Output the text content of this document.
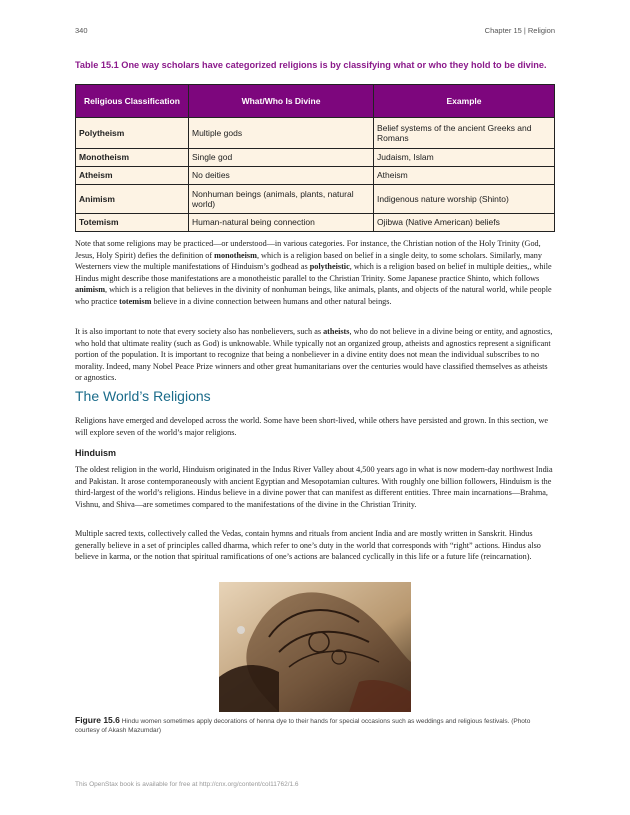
340	Chapter 15 | Religion
Table 15.1 One way scholars have categorized religions is by classifying what or who they hold to be divine.
Religious Classification	What/Who Is Divine	Example
Polytheism	Multiple gods	Belief systems of the ancient Greeks and Romans
Monotheism	Single god	Judaism, Islam
Atheism	No deities	Atheism
Animism	Nonhuman beings (animals, plants, natural world)	Indigenous nature worship (Shinto)
Totemism	Human-natural being connection	Ojibwa (Native American) beliefs

Note that some religions may be practiced—or understood—in various categories. For instance, the Christian notion of the Holy Trinity (God, Jesus, Holy Spirit) defies the definition of monotheism, which is a religion based on belief in a single deity, to some scholars. Similarly, many Westerners view the multiple manifestations of Hinduism’s godhead as polytheistic, which is a religion based on belief in multiple deities,, while Hindus might describe those manifestations are a monotheistic parallel to the Christian Trinity. Some Japanese practice Shinto, which follows animism, which is a religion that believes in the divinity of nonhuman beings, like animals, plants, and objects of the natural world, while people who practice totemism believe in a divine connection between humans and other natural beings.

It is also important to note that every society also has nonbelievers, such as atheists, who do not believe in a divine being or entity, and agnostics, who hold that ultimate reality (such as God) is unknowable. While typically not an organized group, atheists and agnostics represent a significant portion of the population. It is important to recognize that being a nonbeliever in a divine entity does not mean the individual subscribes to no morality. Indeed, many Nobel Peace Prize winners and other great humanitarians over the centuries would have classified themselves as atheists or agnostics.

The World’s Religions

Religions have emerged and developed across the world. Some have been short-lived, while others have persisted and grown. In this section, we will explore seven of the world’s major religions.

Hinduism

The oldest religion in the world, Hinduism originated in the Indus River Valley about 4,500 years ago in what is now modern-day northwest India and Pakistan. It arose contemporaneously with ancient Egyptian and Mesopotamian cultures. With roughly one billion followers, Hinduism is the third-largest of the world’s religions. Hindus believe in a divine power that can manifest as different entities. Three main incarnations—Brahma, Vishnu, and Shiva—are sometimes compared to the manifestations of the divine in the Christian Trinity.

Multiple sacred texts, collectively called the Vedas, contain hymns and rituals from ancient India and are mostly written in Sanskrit. Hindus generally believe in a set of principles called dharma, which refer to one’s duty in the world that corresponds with “right” actions. Hindus also believe in karma, or the notion that spiritual ramifications of one’s actions are balanced cyclically in this life or a future life (reincarnation).

Figure 15.6 Hindu women sometimes apply decorations of henna dye to their hands for special occasions such as weddings and religious festivals. (Photo courtesy of Akash Mazumdar)
This OpenStax book is available for free at http://cnx.org/content/col11762/1.6
